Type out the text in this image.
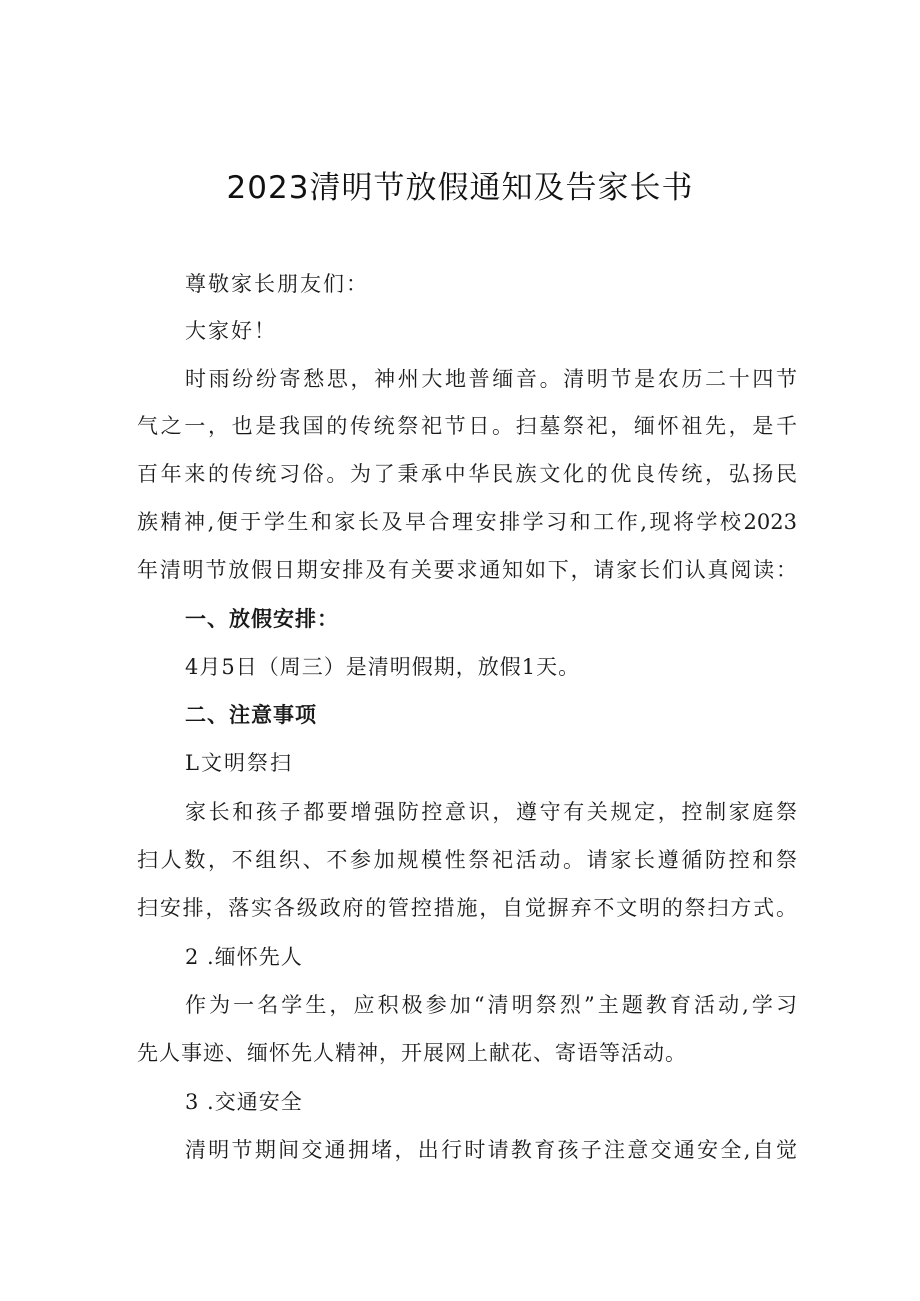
2023清明节放假通知及告家长书
尊敬家长朋友们：
大家好！
时雨纷纷寄愁思，神州大地普缅音。清明节是农历二十四节
气之一，也是我国的传统祭祀节日。扫墓祭祀，缅怀祖先，是千
百年来的传统习俗。为了秉承中华民族文化的优良传统，弘扬民
族精神,便于学生和家长及早合理安排学习和工作,现将学校2023
年清明节放假日期安排及有关要求通知如下，请家长们认真阅读：
一、放假安排：
4月5日（周三）是清明假期，放假1天。
二、注意事项
L文明祭扫
家长和孩子都要增强防控意识，遵守有关规定，控制家庭祭
扫人数，不组织、不参加规模性祭祀活动。请家长遵循防控和祭
扫安排，落实各级政府的管控措施，自觉摒弃不文明的祭扫方式。
2 .缅怀先人
作为一名学生，应积极参加“清明祭烈”主题教育活动,学习
先人事迹、缅怀先人精神，开展网上献花、寄语等活动。
3 .交通安全
清明节期间交通拥堵，出行时请教育孩子注意交通安全,自觉
